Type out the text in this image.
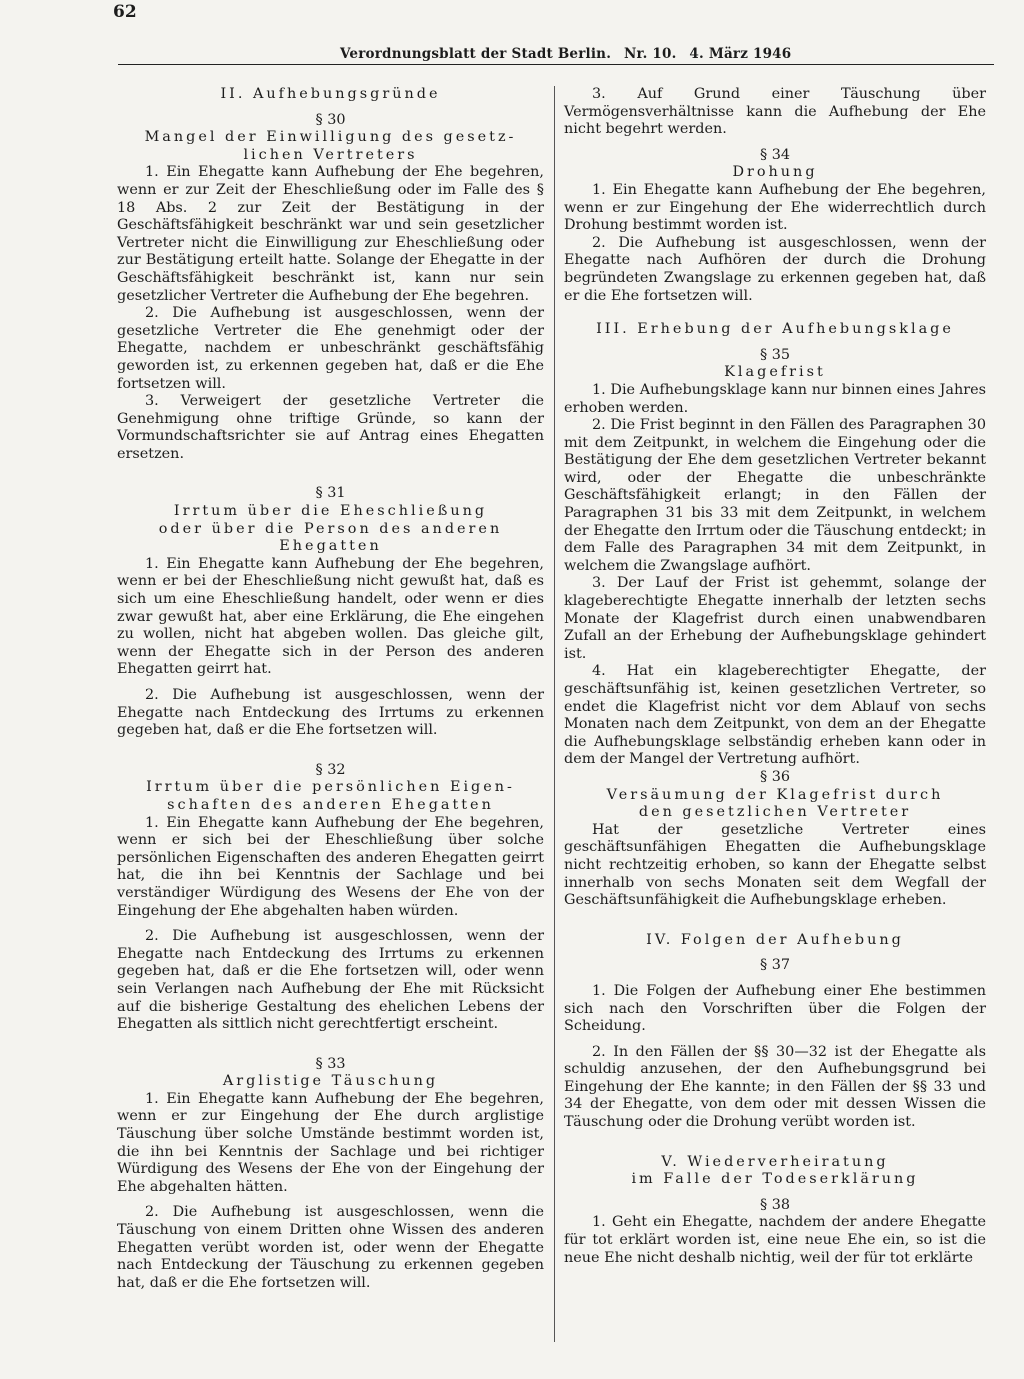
62
Verordnungsblatt der Stadt Berlin. Nr. 10. 4. März 1946
II. Aufhebungsgründe
§ 30
Mangel der Einwilligung des gesetz-
lichen Vertreters

1. Ein Ehegatte kann Aufhebung der Ehe begehren, wenn er zur Zeit der Eheschließung oder im Falle des § 18 Abs. 2 zur Zeit der Bestätigung in der Geschäftsfähigkeit beschränkt war und sein gesetzlicher Vertreter nicht die Einwilligung zur Eheschließung oder zur Bestätigung erteilt hatte. Solange der Ehegatte in der Geschäftsfähigkeit beschränkt ist, kann nur sein gesetzlicher Vertreter die Aufhebung der Ehe begehren.

2. Die Aufhebung ist ausgeschlossen, wenn der gesetzliche Vertreter die Ehe genehmigt oder der Ehegatte, nachdem er unbeschränkt geschäftsfähig geworden ist, zu erkennen gegeben hat, daß er die Ehe fortsetzen will.

3. Verweigert der gesetzliche Vertreter die Genehmigung ohne triftige Gründe, so kann der Vormundschaftsrichter sie auf Antrag eines Ehegatten ersetzen.

§ 31
Irrtum über die Eheschließung
oder über die Person des anderen
Ehegatten

1. Ein Ehegatte kann Aufhebung der Ehe begehren, wenn er bei der Eheschließung nicht gewußt hat, daß es sich um eine Eheschließung handelt, oder wenn er dies zwar gewußt hat, aber eine Erklärung, die Ehe eingehen zu wollen, nicht hat abgeben wollen. Das gleiche gilt, wenn der Ehegatte sich in der Person des anderen Ehegatten geirrt hat.

2. Die Aufhebung ist ausgeschlossen, wenn der Ehegatte nach Entdeckung des Irrtums zu erkennen gegeben hat, daß er die Ehe fortsetzen will.

§ 32
Irrtum über die persönlichen Eigen-
schaften des anderen Ehegatten

1. Ein Ehegatte kann Aufhebung der Ehe begehren, wenn er sich bei der Eheschließung über solche persönlichen Eigenschaften des anderen Ehegatten geirrt hat, die ihn bei Kenntnis der Sachlage und bei verständiger Würdigung des Wesens der Ehe von der Eingehung der Ehe abgehalten haben würden.

2. Die Aufhebung ist ausgeschlossen, wenn der Ehegatte nach Entdeckung des Irrtums zu erkennen gegeben hat, daß er die Ehe fortsetzen will, oder wenn sein Verlangen nach Aufhebung der Ehe mit Rücksicht auf die bisherige Gestaltung des ehelichen Lebens der Ehegatten als sittlich nicht gerechtfertigt erscheint.

§ 33
Arglistige Täuschung

1. Ein Ehegatte kann Aufhebung der Ehe begehren, wenn er zur Eingehung der Ehe durch arglistige Täuschung über solche Umstände bestimmt worden ist, die ihn bei Kenntnis der Sachlage und bei richtiger Würdigung des Wesens der Ehe von der Eingehung der Ehe abgehalten hätten.

2. Die Aufhebung ist ausgeschlossen, wenn die Täuschung von einem Dritten ohne Wissen des anderen Ehegatten verübt worden ist, oder wenn der Ehegatte nach Entdeckung der Täuschung zu erkennen gegeben hat, daß er die Ehe fortsetzen will.

3. Auf Grund einer Täuschung über Vermögensverhältnisse kann die Aufhebung der Ehe nicht begehrt werden.

§ 34
Drohung

1. Ein Ehegatte kann Aufhebung der Ehe begehren, wenn er zur Eingehung der Ehe widerrechtlich durch Drohung bestimmt worden ist.

2. Die Aufhebung ist ausgeschlossen, wenn der Ehegatte nach Aufhören der durch die Drohung begründeten Zwangslage zu erkennen gegeben hat, daß er die Ehe fortsetzen will.

III. Erhebung der Aufhebungsklage
§ 35
Klagefrist

1. Die Aufhebungsklage kann nur binnen eines Jahres erhoben werden.

2. Die Frist beginnt in den Fällen des Paragraphen 30 mit dem Zeitpunkt, in welchem die Eingehung oder die Bestätigung der Ehe dem gesetzlichen Vertreter bekannt wird, oder der Ehegatte die unbeschränkte Geschäftsfähigkeit erlangt; in den Fällen der Paragraphen 31 bis 33 mit dem Zeitpunkt, in welchem der Ehegatte den Irrtum oder die Täuschung entdeckt; in dem Falle des Paragraphen 34 mit dem Zeitpunkt, in welchem die Zwangslage aufhört.

3. Der Lauf der Frist ist gehemmt, solange der klageberechtigte Ehegatte innerhalb der letzten sechs Monate der Klagefrist durch einen unabwendbaren Zufall an der Erhebung der Aufhebungsklage gehindert ist.

4. Hat ein klageberechtigter Ehegatte, der geschäftsunfähig ist, keinen gesetzlichen Vertreter, so endet die Klagefrist nicht vor dem Ablauf von sechs Monaten nach dem Zeitpunkt, von dem an der Ehegatte die Aufhebungsklage selbständig erheben kann oder in dem der Mangel der Vertretung aufhört.

§ 36
Versäumung der Klagefrist durch
den gesetzlichen Vertreter

Hat der gesetzliche Vertreter eines geschäftsunfähigen Ehegatten die Aufhebungsklage nicht rechtzeitig erhoben, so kann der Ehegatte selbst innerhalb von sechs Monaten seit dem Wegfall der Geschäftsunfähigkeit die Aufhebungsklage erheben.

IV. Folgen der Aufhebung
§ 37

1. Die Folgen der Aufhebung einer Ehe bestimmen sich nach den Vorschriften über die Folgen der Scheidung.

2. In den Fällen der §§ 30—32 ist der Ehegatte als schuldig anzusehen, der den Aufhebungsgrund bei Eingehung der Ehe kannte; in den Fällen der §§ 33 und 34 der Ehegatte, von dem oder mit dessen Wissen die Täuschung oder die Drohung verübt worden ist.

V. Wiederverheiratung
im Falle der Todeserklärung
§ 38

1. Geht ein Ehegatte, nachdem der andere Ehegatte für tot erklärt worden ist, eine neue Ehe ein, so ist die neue Ehe nicht deshalb nichtig, weil der für tot erklärte
